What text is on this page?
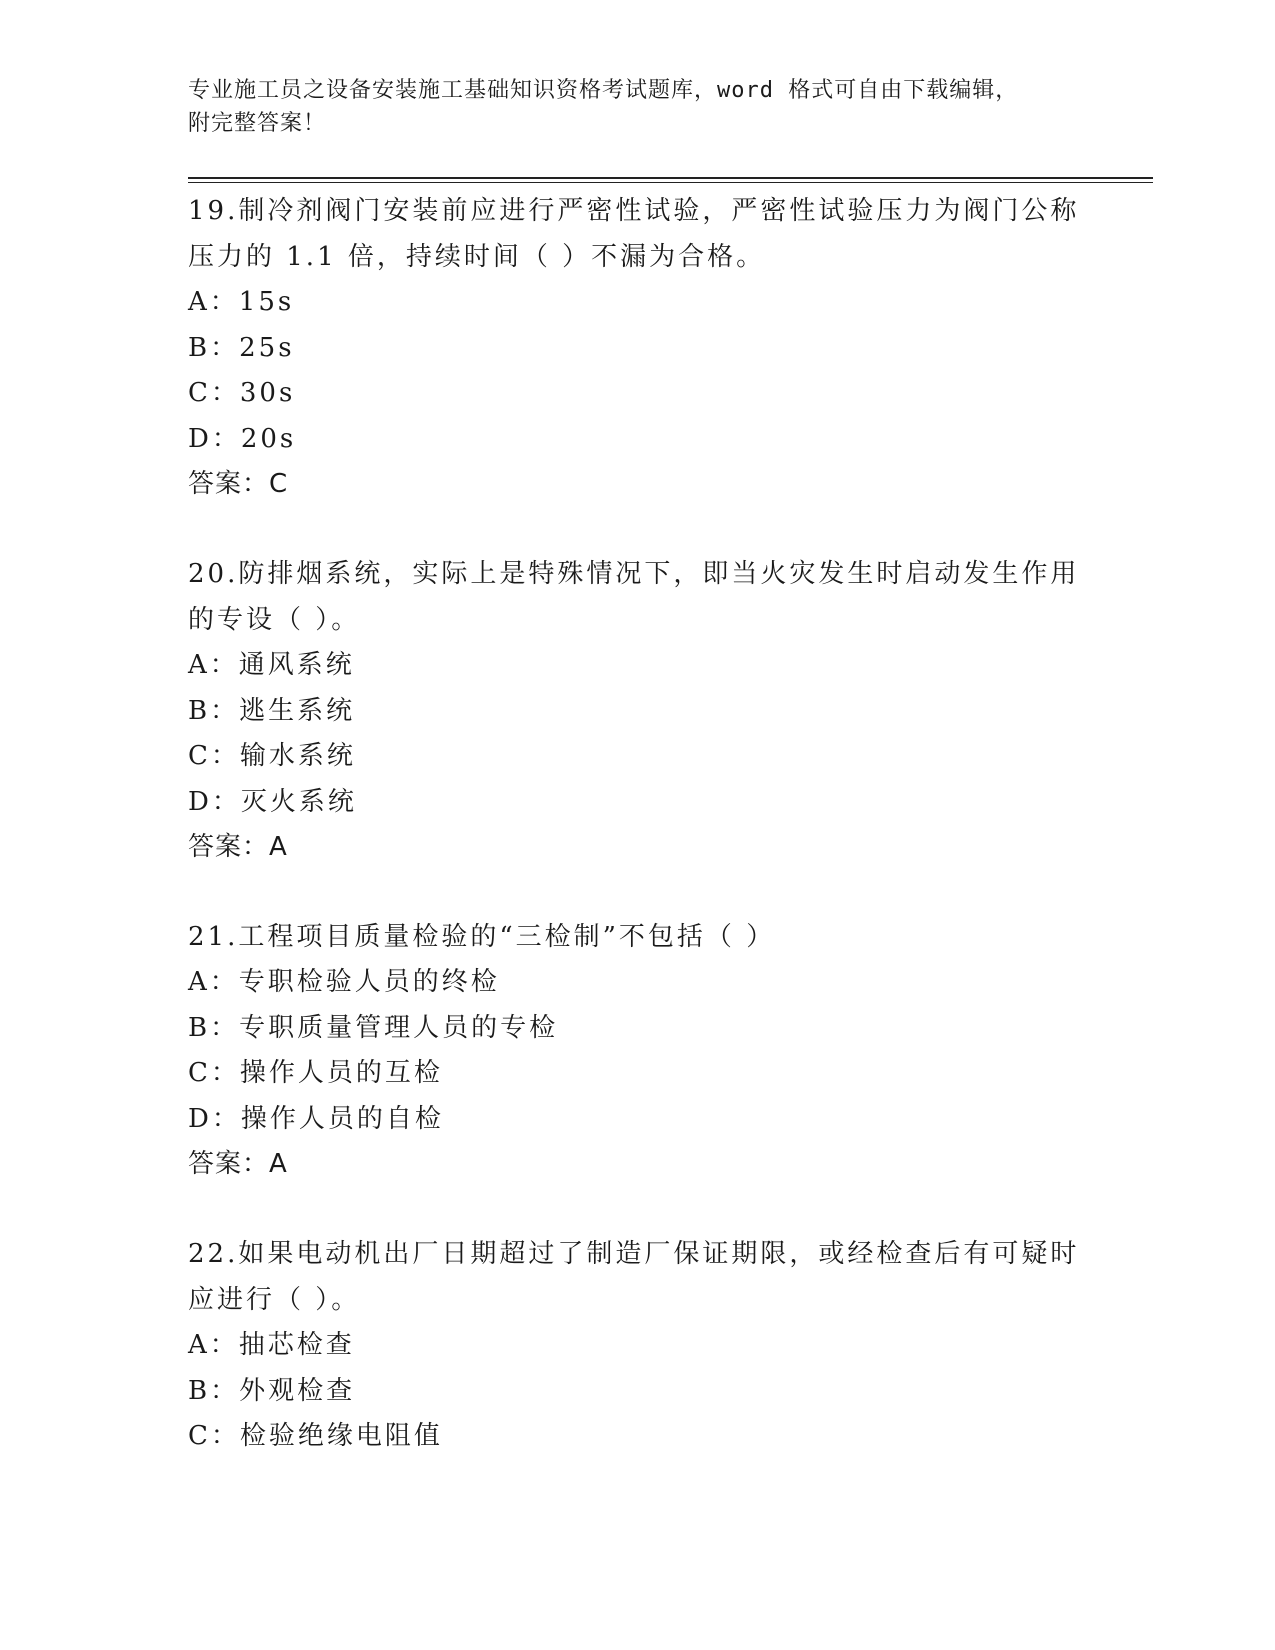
专业施工员之设备安装施工基础知识资格考试题库，word 格式可自由下载编辑，
附完整答案！
19.制冷剂阀门安装前应进行严密性试验，严密性试验压力为阀门公称
压力的 1.1 倍，持续时间（ ）不漏为合格。
A：15s
B：25s
C：30s
D：20s
答案：C
20.防排烟系统，实际上是特殊情况下，即当火灾发生时启动发生作用
的专设（ ）。
A：通风系统
B：逃生系统
C：输水系统
D：灭火系统
答案：A
21.工程项目质量检验的“三检制”不包括（ ）
A：专职检验人员的终检
B：专职质量管理人员的专检
C：操作人员的互检
D：操作人员的自检
答案：A
22.如果电动机出厂日期超过了制造厂保证期限，或经检查后有可疑时
应进行（ ）。
A：抽芯检查
B：外观检查
C：检验绝缘电阻值
